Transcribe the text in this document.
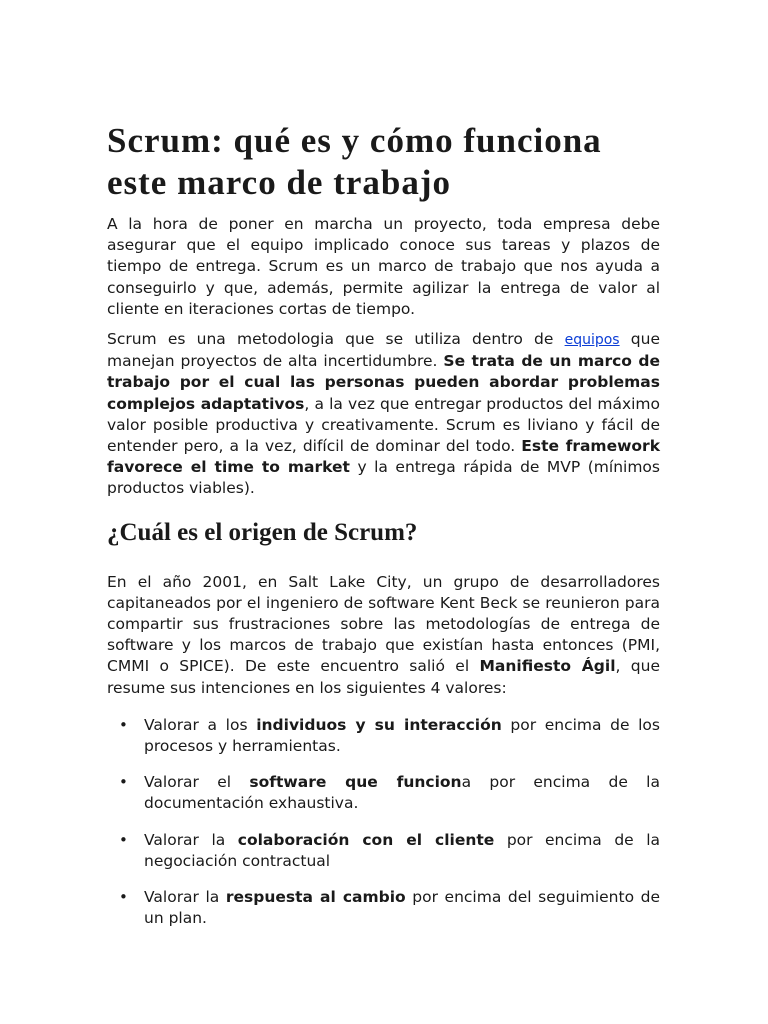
Scrum: qué es y cómo funciona este marco de trabajo

A la hora de poner en marcha un proyecto, toda empresa debe asegurar que el equipo implicado conoce sus tareas y plazos de tiempo de entrega. Scrum es un marco de trabajo que nos ayuda a conseguirlo y que, además, permite agilizar la entrega de valor al cliente en iteraciones cortas de tiempo.

Scrum es una metodologia que se utiliza dentro de equipos que manejan proyectos de alta incertidumbre. Se trata de un marco de trabajo por el cual las personas pueden abordar problemas complejos adaptativos, a la vez que entregar productos del máximo valor posible productiva y creativamente. Scrum es liviano y fácil de entender pero, a la vez, difícil de dominar del todo. Este framework favorece el time to market y la entrega rápida de MVP (mínimos productos viables).

¿Cuál es el origen de Scrum?

En el año 2001, en Salt Lake City, un grupo de desarrolladores capitaneados por el ingeniero de software Kent Beck se reunieron para compartir sus frustraciones sobre las metodologías de entrega de software y los marcos de trabajo que existían hasta entonces (PMI, CMMI o SPICE). De este encuentro salió el Manifiesto Ágil, que resume sus intenciones en los siguientes 4 valores:

• Valorar a los individuos y su interacción por encima de los procesos y herramientas.
• Valorar el software que funciona por encima de la documentación exhaustiva.
• Valorar la colaboración con el cliente por encima de la negociación contractual
• Valorar la respuesta al cambio por encima del seguimiento de un plan.
